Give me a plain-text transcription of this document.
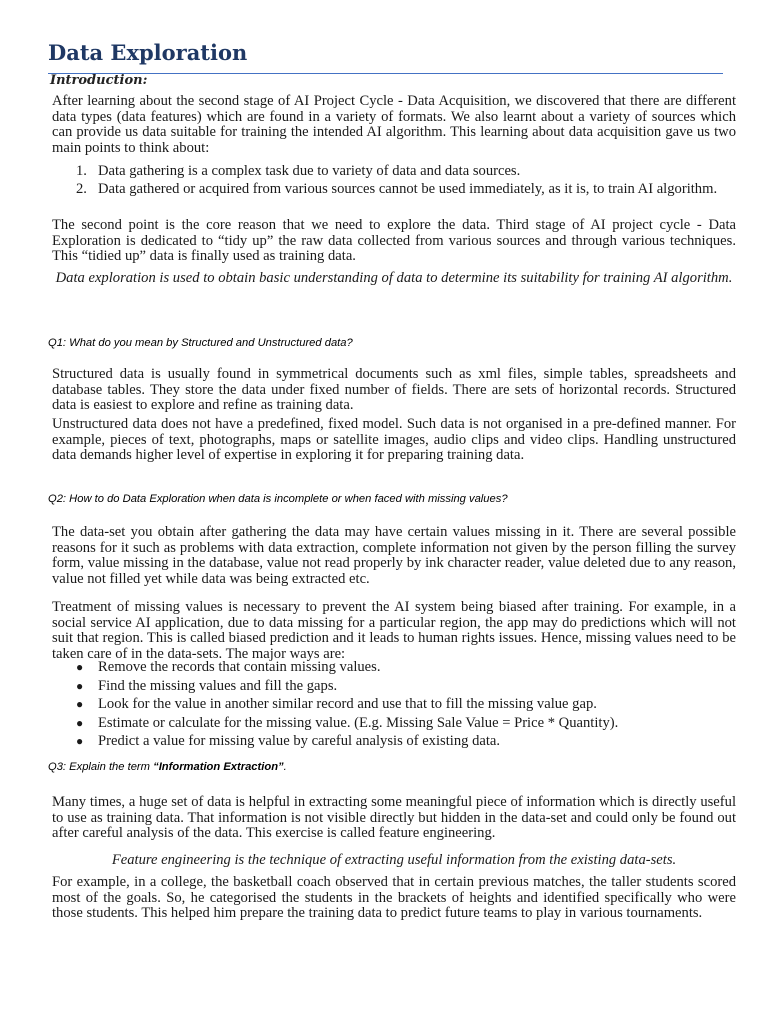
Data Exploration
Introduction:

After learning about the second stage of AI Project Cycle - Data Acquisition, we discovered that there are different data types (data features) which are found in a variety of formats. We also learnt about a variety of sources which can provide us data suitable for training the intended AI algorithm. This learning about data acquisition gave us two main points to think about:

1. Data gathering is a complex task due to variety of data and data sources.
2. Data gathered or acquired from various sources cannot be used immediately, as it is, to train AI algorithm.

The second point is the core reason that we need to explore the data. Third stage of AI project cycle - Data Exploration is dedicated to “tidy up” the raw data collected from various sources and through various techniques. This “tidied up” data is finally used as training data.

Data exploration is used to obtain basic understanding of data to determine its suitability for training AI algorithm.

Q1: What do you mean by Structured and Unstructured data?

Structured data is usually found in symmetrical documents such as xml files, simple tables, spreadsheets and database tables. They store the data under fixed number of fields. There are sets of horizontal records. Structured data is easiest to explore and refine as training data.

Unstructured data does not have a predefined, fixed model. Such data is not organised in a pre-defined manner. For example, pieces of text, photographs, maps or satellite images, audio clips and video clips. Handling unstructured data demands higher level of expertise in exploring it for preparing training data.

Q2: How to do Data Exploration when data is incomplete or when faced with missing values?

The data-set you obtain after gathering the data may have certain values missing in it. There are several possible reasons for it such as problems with data extraction, complete information not given by the person filling the survey form, value missing in the database, value not read properly by ink character reader, value deleted due to any reason, value not filled yet while data was being extracted etc.

Treatment of missing values is necessary to prevent the AI system being biased after training. For example, in a social service AI application, due to data missing for a particular region, the app may do predictions which will not suit that region. This is called biased prediction and it leads to human rights issues. Hence, missing values need to be taken care of in the data-sets. The major ways are:

● Remove the records that contain missing values.
● Find the missing values and fill the gaps.
● Look for the value in another similar record and use that to fill the missing value gap.
● Estimate or calculate for the missing value. (E.g. Missing Sale Value = Price * Quantity).
● Predict a value for missing value by careful analysis of existing data.

Q3: Explain the term “Information Extraction”.

Many times, a huge set of data is helpful in extracting some meaningful piece of information which is directly useful to use as training data. That information is not visible directly but hidden in the data-set and could only be found out after careful analysis of the data. This exercise is called feature engineering.

Feature engineering is the technique of extracting useful information from the existing data-sets.

For example, in a college, the basketball coach observed that in certain previous matches, the taller students scored most of the goals. So, he categorised the students in the brackets of heights and identified specifically who were those students. This helped him prepare the training data to predict future teams to play in various tournaments.
